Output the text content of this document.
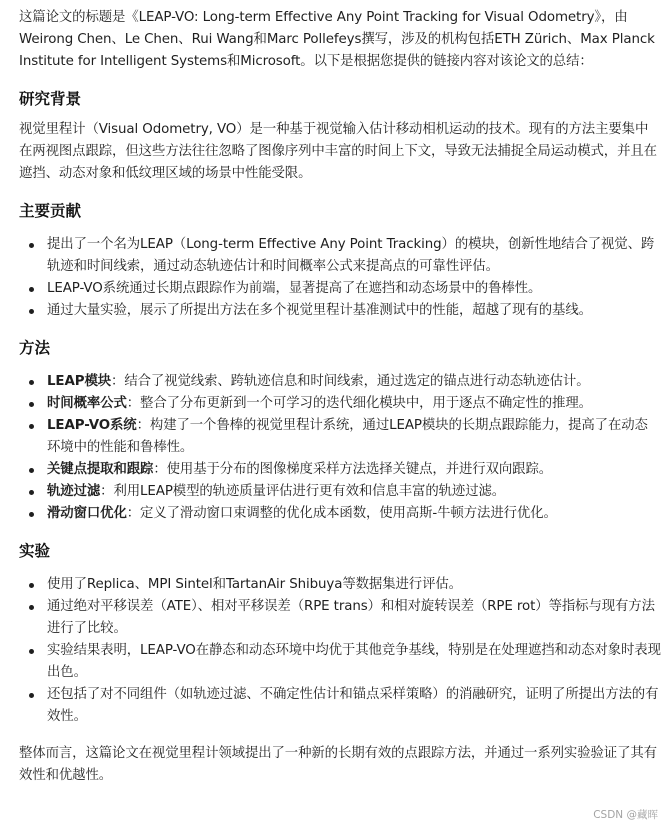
这篇论文的标题是《LEAP-VO: Long-term Effective Any Point Tracking for Visual Odometry》，由Weirong Chen、Le Chen、Rui Wang和Marc Pollefeys撰写，涉及的机构包括ETH Zürich、Max Planck Institute for Intelligent Systems和Microsoft。以下是根据您提供的链接内容对该论文的总结：

研究背景

视觉里程计（Visual Odometry, VO）是一种基于视觉输入估计移动相机运动的技术。现有的方法主要集中在两视图点跟踪，但这些方法往往忽略了图像序列中丰富的时间上下文，导致无法捕捉全局运动模式，并且在遮挡、动态对象和低纹理区域的场景中性能受限。

主要贡献
提出了一个名为LEAP（Long-term Effective Any Point Tracking）的模块，创新性地结合了视觉、跨轨迹和时间线索，通过动态轨迹估计和时间概率公式来提高点的可靠性评估。
LEAP-VO系统通过长期点跟踪作为前端，显著提高了在遮挡和动态场景中的鲁棒性。
通过大量实验，展示了所提出方法在多个视觉里程计基准测试中的性能，超越了现有的基线。
方法
LEAP模块：结合了视觉线索、跨轨迹信息和时间线索，通过选定的锚点进行动态轨迹估计。
时间概率公式：整合了分布更新到一个可学习的迭代细化模块中，用于逐点不确定性的推理。
LEAP-VO系统：构建了一个鲁棒的视觉里程计系统，通过LEAP模块的长期点跟踪能力，提高了在动态环境中的性能和鲁棒性。
关键点提取和跟踪：使用基于分布的图像梯度采样方法选择关键点，并进行双向跟踪。
轨迹过滤：利用LEAP模型的轨迹质量评估进行更有效和信息丰富的轨迹过滤。
滑动窗口优化：定义了滑动窗口束调整的优化成本函数，使用高斯-牛顿方法进行优化。
实验
使用了Replica、MPI Sintel和TartanAir Shibuya等数据集进行评估。
通过绝对平移误差（ATE）、相对平移误差（RPE trans）和相对旋转误差（RPE rot）等指标与现有方法进行了比较。
实验结果表明，LEAP-VO在静态和动态环境中均优于其他竞争基线，特别是在处理遮挡和动态对象时表现出色。
还包括了对不同组件（如轨迹过滤、不确定性估计和锚点采样策略）的消融研究，证明了所提出方法的有效性。

整体而言，这篇论文在视觉里程计领域提出了一种新的长期有效的点跟踪方法，并通过一系列实验验证了其有效性和优越性。

CSDN @藏晖
